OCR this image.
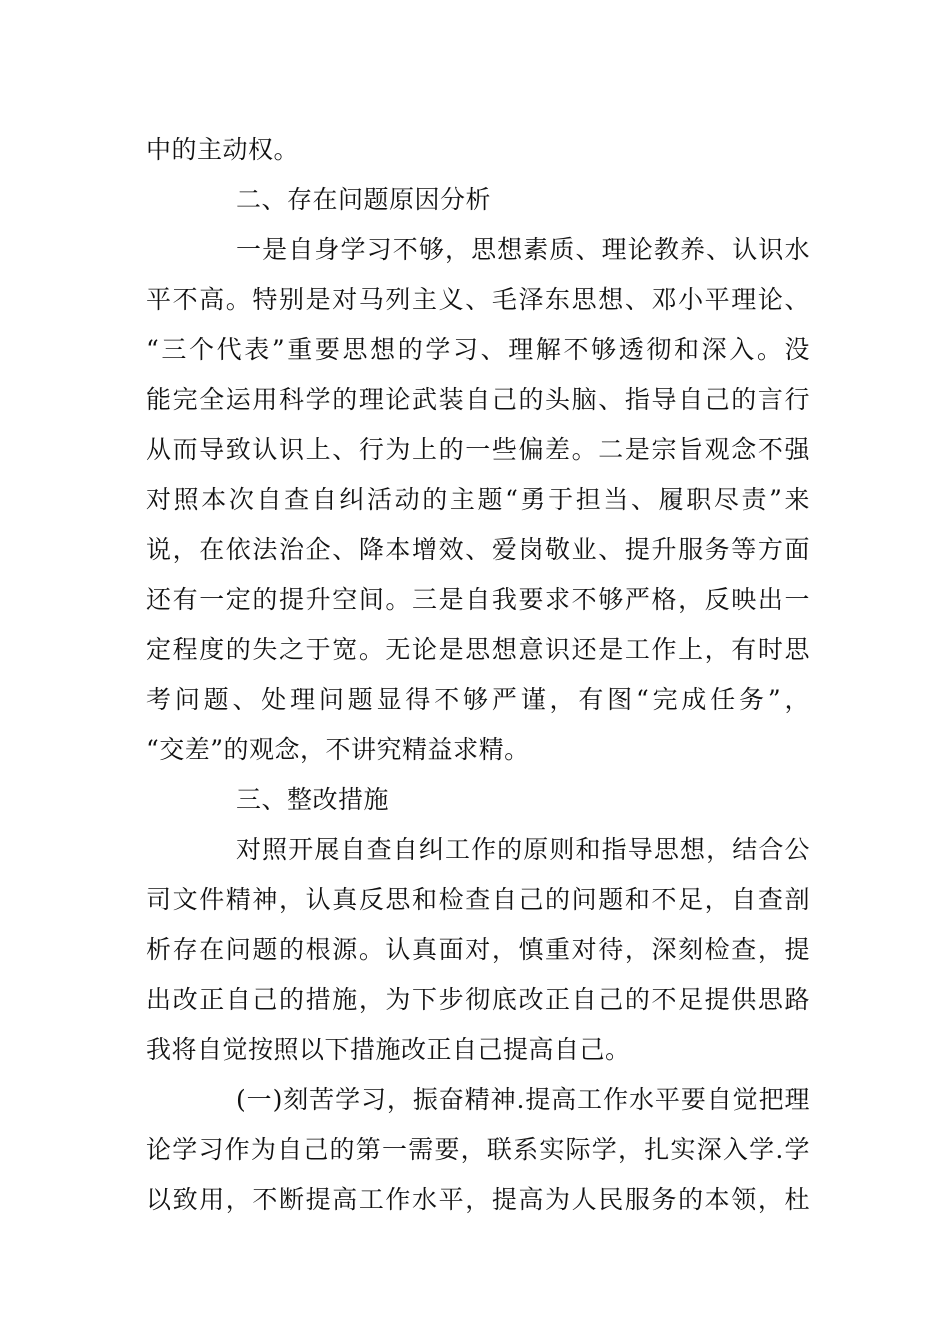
中的主动权。
二、存在问题原因分析
一是自身学习不够，思想素质、理论教养、认识水
平不高。特别是对马列主义、毛泽东思想、邓小平理论、
“三个代表”重要思想的学习、理解不够透彻和深入。没
能完全运用科学的理论武装自己的头脑、指导自己的言行
从而导致认识上、行为上的一些偏差。二是宗旨观念不强
对照本次自查自纠活动的主题“勇于担当、履职尽责”来
说，在依法治企、降本增效、爱岗敬业、提升服务等方面
还有一定的提升空间。三是自我要求不够严格，反映出一
定程度的失之于宽。无论是思想意识还是工作上，有时思
考问题、处理问题显得不够严谨，有图“完成任务”，
“交差”的观念，不讲究精益求精。
三、整改措施
对照开展自查自纠工作的原则和指导思想，结合公
司文件精神，认真反思和检查自己的问题和不足，自查剖
析存在问题的根源。认真面对，慎重对待，深刻检查，提
出改正自己的措施，为下步彻底改正自己的不足提供思路
我将自觉按照以下措施改正自己提高自己。
(一)刻苦学习，振奋精神.提高工作水平要自觉把理
论学习作为自己的第一需要，联系实际学，扎实深入学.学
以致用，不断提高工作水平，提高为人民服务的本领，杜
